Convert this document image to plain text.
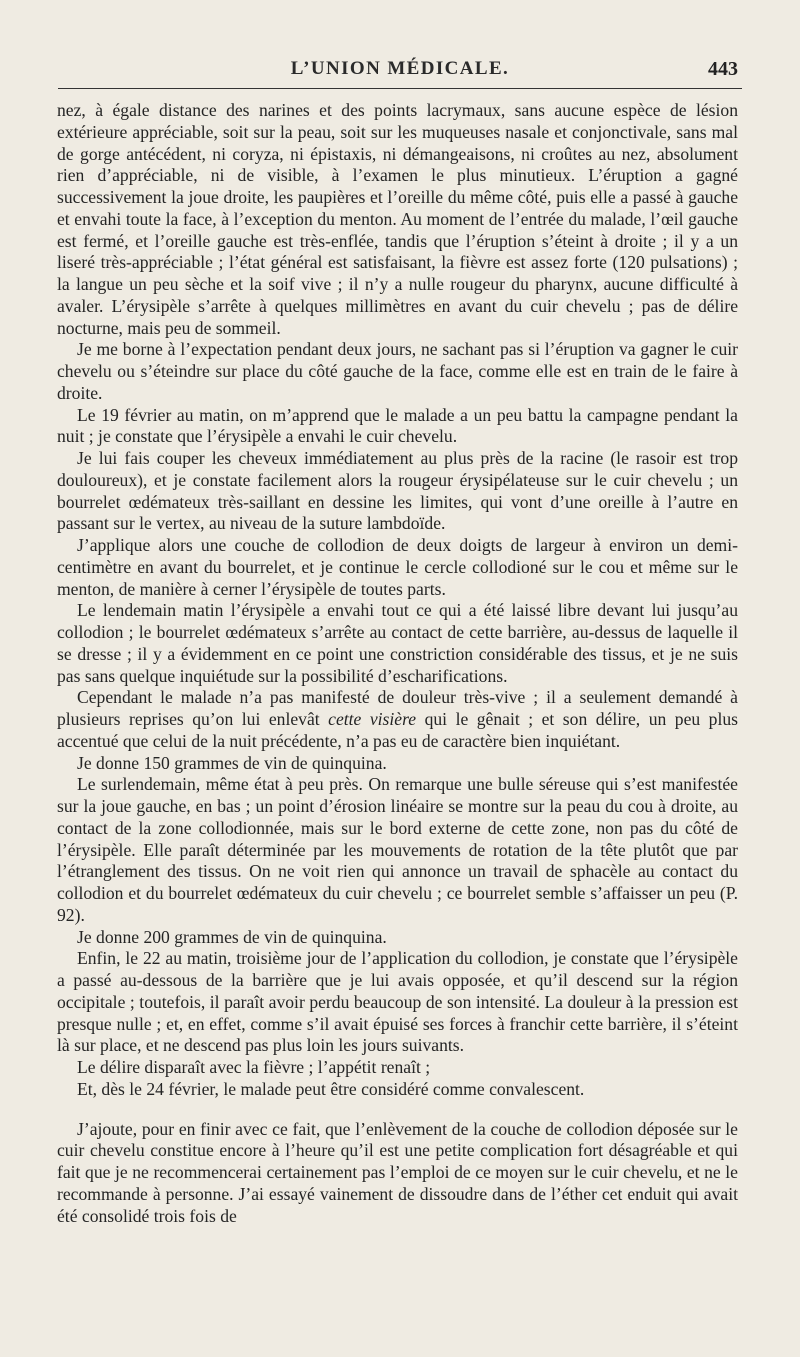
L’UNION MÉDICALE.	443

nez, à égale distance des narines et des points lacrymaux, sans aucune espèce de lésion extérieure appréciable, soit sur la peau, soit sur les muqueuses nasale et conjonctivale, sans mal de gorge antécédent, ni coryza, ni épistaxis, ni démangeaisons, ni croûtes au nez, absolument rien d’appréciable, ni de visible, à l’examen le plus minutieux. L’éruption a gagné successivement la joue droite, les paupières et l’oreille du même côté, puis elle a passé à gauche et envahi toute la face, à l’exception du menton. Au moment de l’entrée du malade, l’œil gauche est fermé, et l’oreille gauche est très-enflée, tandis que l’éruption s’éteint à droite ; il y a un liseré très-appréciable ; l’état général est satisfaisant, la fièvre est assez forte (120 pulsations) ; la langue un peu sèche et la soif vive ; il n’y a nulle rougeur du pharynx, aucune difficulté à avaler. L’érysipèle s’arrête à quelques millimètres en avant du cuir chevelu ; pas de délire nocturne, mais peu de sommeil.

Je me borne à l’expectation pendant deux jours, ne sachant pas si l’éruption va gagner le cuir chevelu ou s’éteindre sur place du côté gauche de la face, comme elle est en train de le faire à droite.

Le 19 février au matin, on m’apprend que le malade a un peu battu la campagne pendant la nuit ; je constate que l’érysipèle a envahi le cuir chevelu.

Je lui fais couper les cheveux immédiatement au plus près de la racine (le rasoir est trop douloureux), et je constate facilement alors la rougeur érysipélateuse sur le cuir chevelu ; un bourrelet œdémateux très-saillant en dessine les limites, qui vont d’une oreille à l’autre en passant sur le vertex, au niveau de la suture lambdoïde.

J’applique alors une couche de collodion de deux doigts de largeur à environ un demi-centimètre en avant du bourrelet, et je continue le cercle collodioné sur le cou et même sur le menton, de manière à cerner l’érysipèle de toutes parts.

Le lendemain matin l’érysipèle a envahi tout ce qui a été laissé libre devant lui jusqu’au collodion ; le bourrelet œdémateux s’arrête au contact de cette barrière, au-dessus de laquelle il se dresse ; il y a évidemment en ce point une constriction considérable des tissus, et je ne suis pas sans quelque inquiétude sur la possibilité d’escharifications.

Cependant le malade n’a pas manifesté de douleur très-vive ; il a seulement demandé à plusieurs reprises qu’on lui enlevât cette visière qui le gênait ; et son délire, un peu plus accentué que celui de la nuit précédente, n’a pas eu de caractère bien inquiétant.

Je donne 150 grammes de vin de quinquina.

Le surlendemain, même état à peu près. On remarque une bulle séreuse qui s’est manifestée sur la joue gauche, en bas ; un point d’érosion linéaire se montre sur la peau du cou à droite, au contact de la zone collodionnée, mais sur le bord externe de cette zone, non pas du côté de l’érysipèle. Elle paraît déterminée par les mouvements de rotation de la tête plutôt que par l’étranglement des tissus. On ne voit rien qui annonce un travail de sphacèle au contact du collodion et du bourrelet œdémateux du cuir chevelu ; ce bourrelet semble s’affaisser un peu (P. 92).

Je donne 200 grammes de vin de quinquina.

Enfin, le 22 au matin, troisième jour de l’application du collodion, je constate que l’érysipèle a passé au-dessous de la barrière que je lui avais opposée, et qu’il descend sur la région occipitale ; toutefois, il paraît avoir perdu beaucoup de son intensité. La douleur à la pression est presque nulle ; et, en effet, comme s’il avait épuisé ses forces à franchir cette barrière, il s’éteint là sur place, et ne descend pas plus loin les jours suivants.

Le délire disparaît avec la fièvre ; l’appétit renaît ;

Et, dès le 24 février, le malade peut être considéré comme convalescent.

J’ajoute, pour en finir avec ce fait, que l’enlèvement de la couche de collodion déposée sur le cuir chevelu constitue encore à l’heure qu’il est une petite complication fort désagréable et qui fait que je ne recommencerai certainement pas l’emploi de ce moyen sur le cuir chevelu, et ne le recommande à personne. J’ai essayé vainement de dissoudre dans de l’éther cet enduit qui avait été consolidé trois fois de
